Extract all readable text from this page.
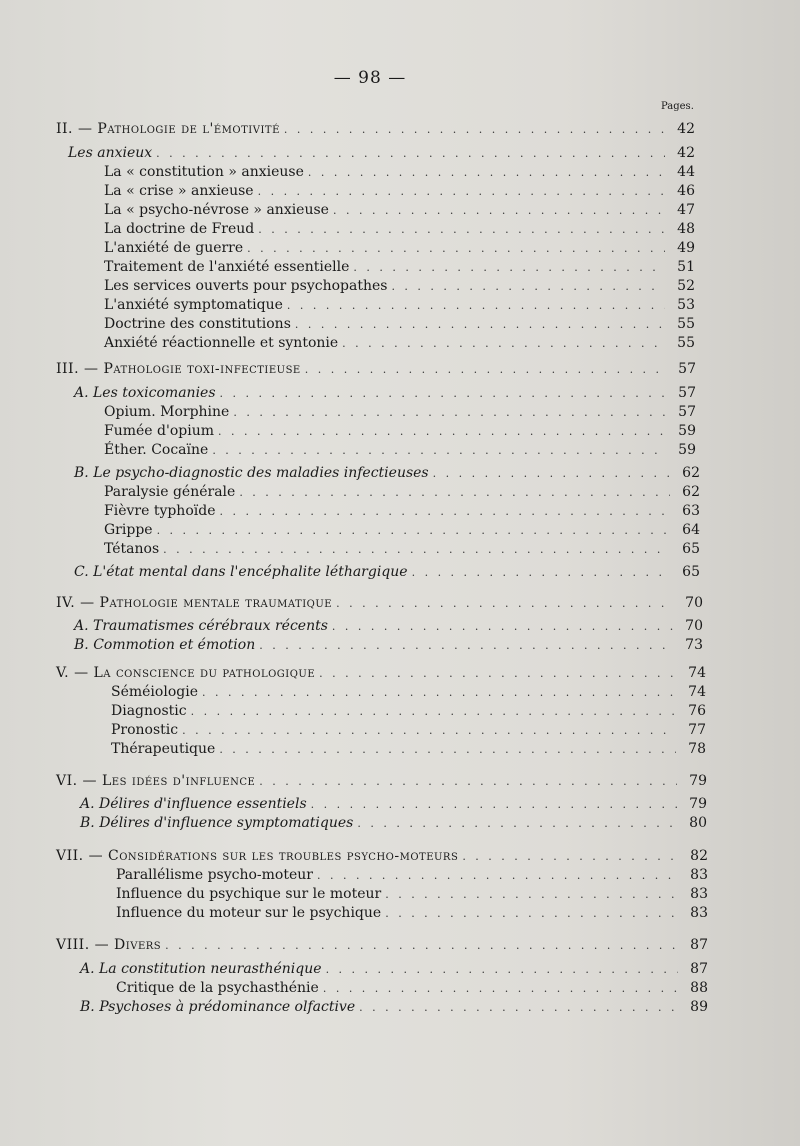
— 98 —
Pages.
II. — Pathologie de l'émotivité . . .	42
Les anxieux . . .	42
La « constitution » anxieuse . . .	44
La « crise » anxieuse . . .	46
La « psycho-névrose » anxieuse . . .	47
La doctrine de Freud . . .	48
L'anxiété de guerre . . .	49
Traitement de l'anxiété essentielle . . .	51
Les services ouverts pour psychopathes . . .	52
L'anxiété symptomatique . . .	53
Doctrine des constitutions . . .	55
Anxiété réactionnelle et syntonie . . .	55
III. — Pathologie toxi-infectieuse . . .	57
A. Les toxicomanies . . .	57
Opium. Morphine . . .	57
Fumée d'opium . . .	59
Éther. Cocaïne . . .	59
B. Le psycho-diagnostic des maladies infectieuses . . .	62
Paralysie générale . . .	62
Fièvre typhoïde . . .	63
Grippe . . .	64
Tétanos . . .	65
C. L'état mental dans l'encéphalite léthargique . . .	65
IV. — Pathologie mentale traumatique . . .	70
A. Traumatismes cérébraux récents . . .	70
B. Commotion et émotion . . .	73
V. — La conscience du pathologique . . .	74
Séméiologie . . .	74
Diagnostic . . .	76
Pronostic . . .	77
Thérapeutique . . .	78
VI. — Les idées d'influence . . .	79
A. Délires d'influence essentiels . . .	79
B. Délires d'influence symptomatiques . . .	80
VII. — Considérations sur les troubles psycho-moteurs . . .	82
Parallélisme psycho-moteur . . .	83
Influence du psychique sur le moteur . . .	83
Influence du moteur sur le psychique . . .	83
VIII. — Divers . . .	87
A. La constitution neurasthénique . . .	87
Critique de la psychasthénie . . .	88
B. Psychoses à prédominance olfactive . . .	89
